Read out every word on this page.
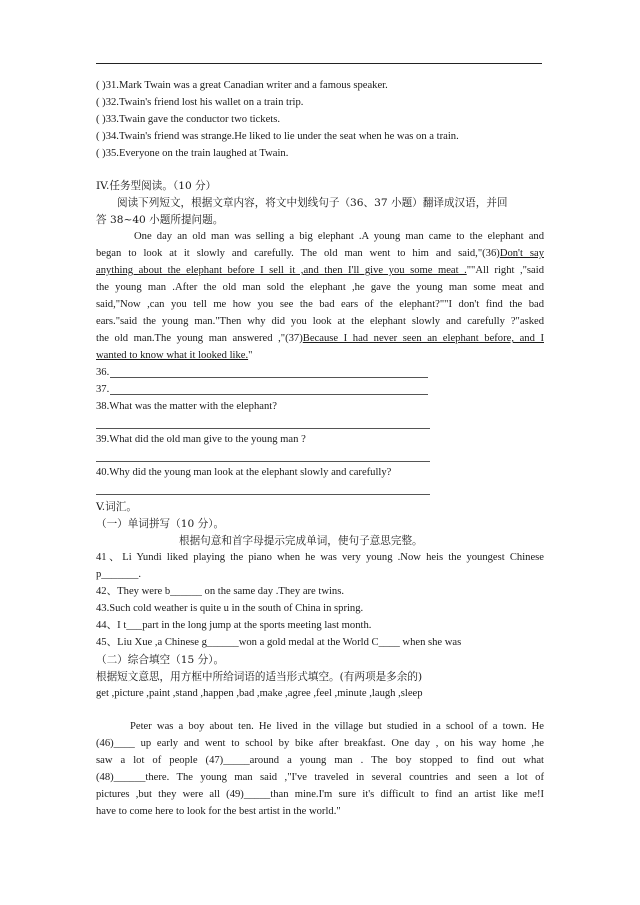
( )31.Mark Twain was a great Canadian writer and a famous speaker.
( )32.Twain's friend lost his wallet on a train trip.
( )33.Twain gave the conductor two tickets.
( )34.Twain's friend was strange.He liked to lie under the seat when he was on a train.
( )35.Everyone on the train laughed at Twain.
IV.任务型阅读。（10 分）
阅读下列短文，根据文章内容，将文中划线句子（36、37 小题）翻译成汉语，并回
答 38~40 小题所提问题。
One day an old man was selling a big elephant .A young man came to the elephant and
began to look at it slowly and carefully. The old man went to him and said,"(36)Don't say
anything about the elephant before I sell it ,and then I'll give you some meat .""All right ,"said
the young man .After the old man sold the elephant ,he gave the young man some meat and
said,"Now ,can you tell me how you see the bad ears of the elephant?""I don't find the bad
ears."said the young man."Then why did you look at the elephant slowly and carefully ?"asked
the old man.The young man answered ,"(37)Because I had never seen an elephant before, and I
wanted to know what it looked like."
36.
37.
38.What was the matter with the elephant?
39.What did the old man give to the young man ?
40.Why did the young man look at the elephant slowly and carefully?
V.词汇。
（一）单词拼写（10 分）。
根据句意和首字母提示完成单词，使句子意思完整。
41、Li Yundi liked playing the piano when he was very young .Now heis the youngest Chinese
p_______.
42、They were b______ on the same day .They are twins.
43.Such cold weather is quite u in the south of China in spring.
44、I t___part in the long jump at the sports meeting last month.
45、Liu Xue ,a Chinese g______won a gold medal at the World C____ when she was
（二）综合填空（15 分）。
根据短文意思，用方框中所给词语的适当形式填空。(有两项是多余的)
get ,picture ,paint ,stand ,happen ,bad ,make ,agree ,feel ,minute ,laugh ,sleep
Peter was a boy about ten. He lived in the village but studied in a school of a town. He
(46)____ up early and went to school by bike after breakfast. One day , on his way home ,he
saw a lot of people (47)_____around a young man . The boy stopped to find out what
(48)______there. The young man said ,"I've traveled in several countries and seen a lot of
pictures ,but they were all (49)_____than mine.I'm sure it's difficult to find an artist like me!I
have to come here to look for the best artist in the world."
